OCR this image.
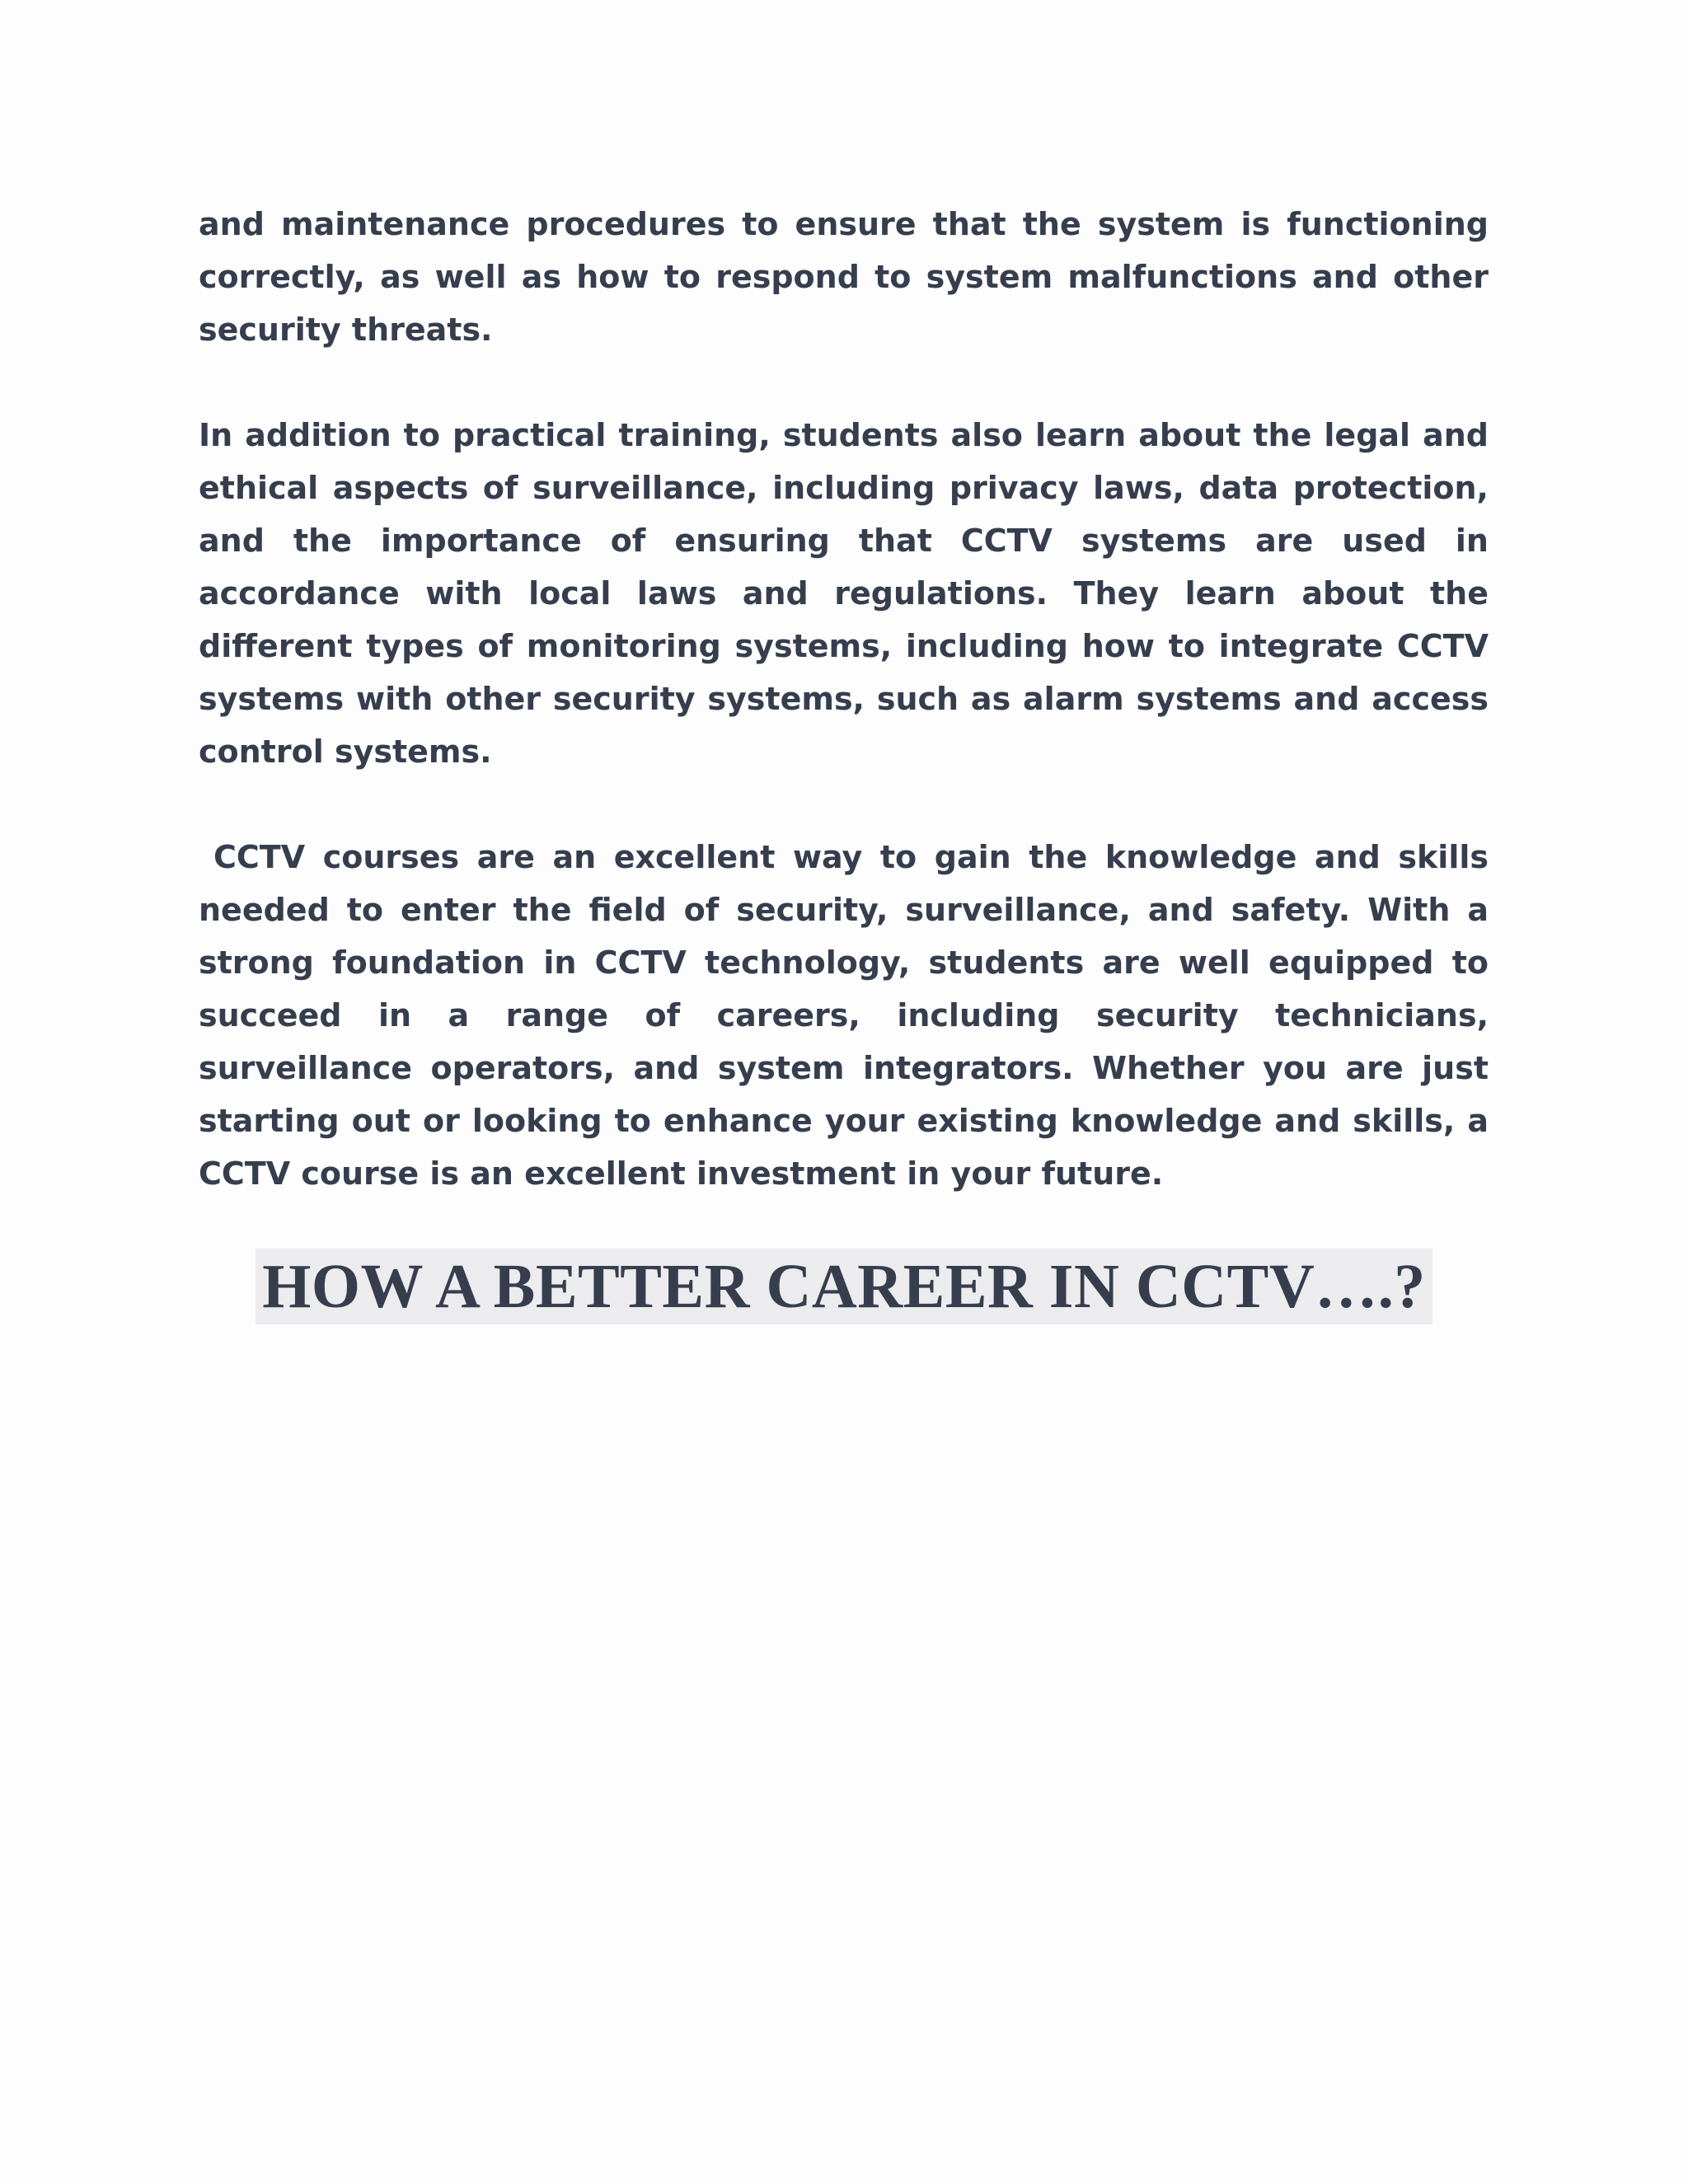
and maintenance procedures to ensure that the system is functioning correctly, as well as how to respond to system malfunctions and other security threats.

In addition to practical training, students also learn about the legal and ethical aspects of surveillance, including privacy laws, data protection, and the importance of ensuring that CCTV systems are used in accordance with local laws and regulations. They learn about the different types of monitoring systems, including how to integrate CCTV systems with other security systems, such as alarm systems and access control systems.

CCTV courses are an excellent way to gain the knowledge and skills needed to enter the field of security, surveillance, and safety. With a strong foundation in CCTV technology, students are well equipped to succeed in a range of careers, including security technicians, surveillance operators, and system integrators. Whether you are just starting out or looking to enhance your existing knowledge and skills, a CCTV course is an excellent investment in your future.

HOW A BETTER CAREER IN CCTV….?
